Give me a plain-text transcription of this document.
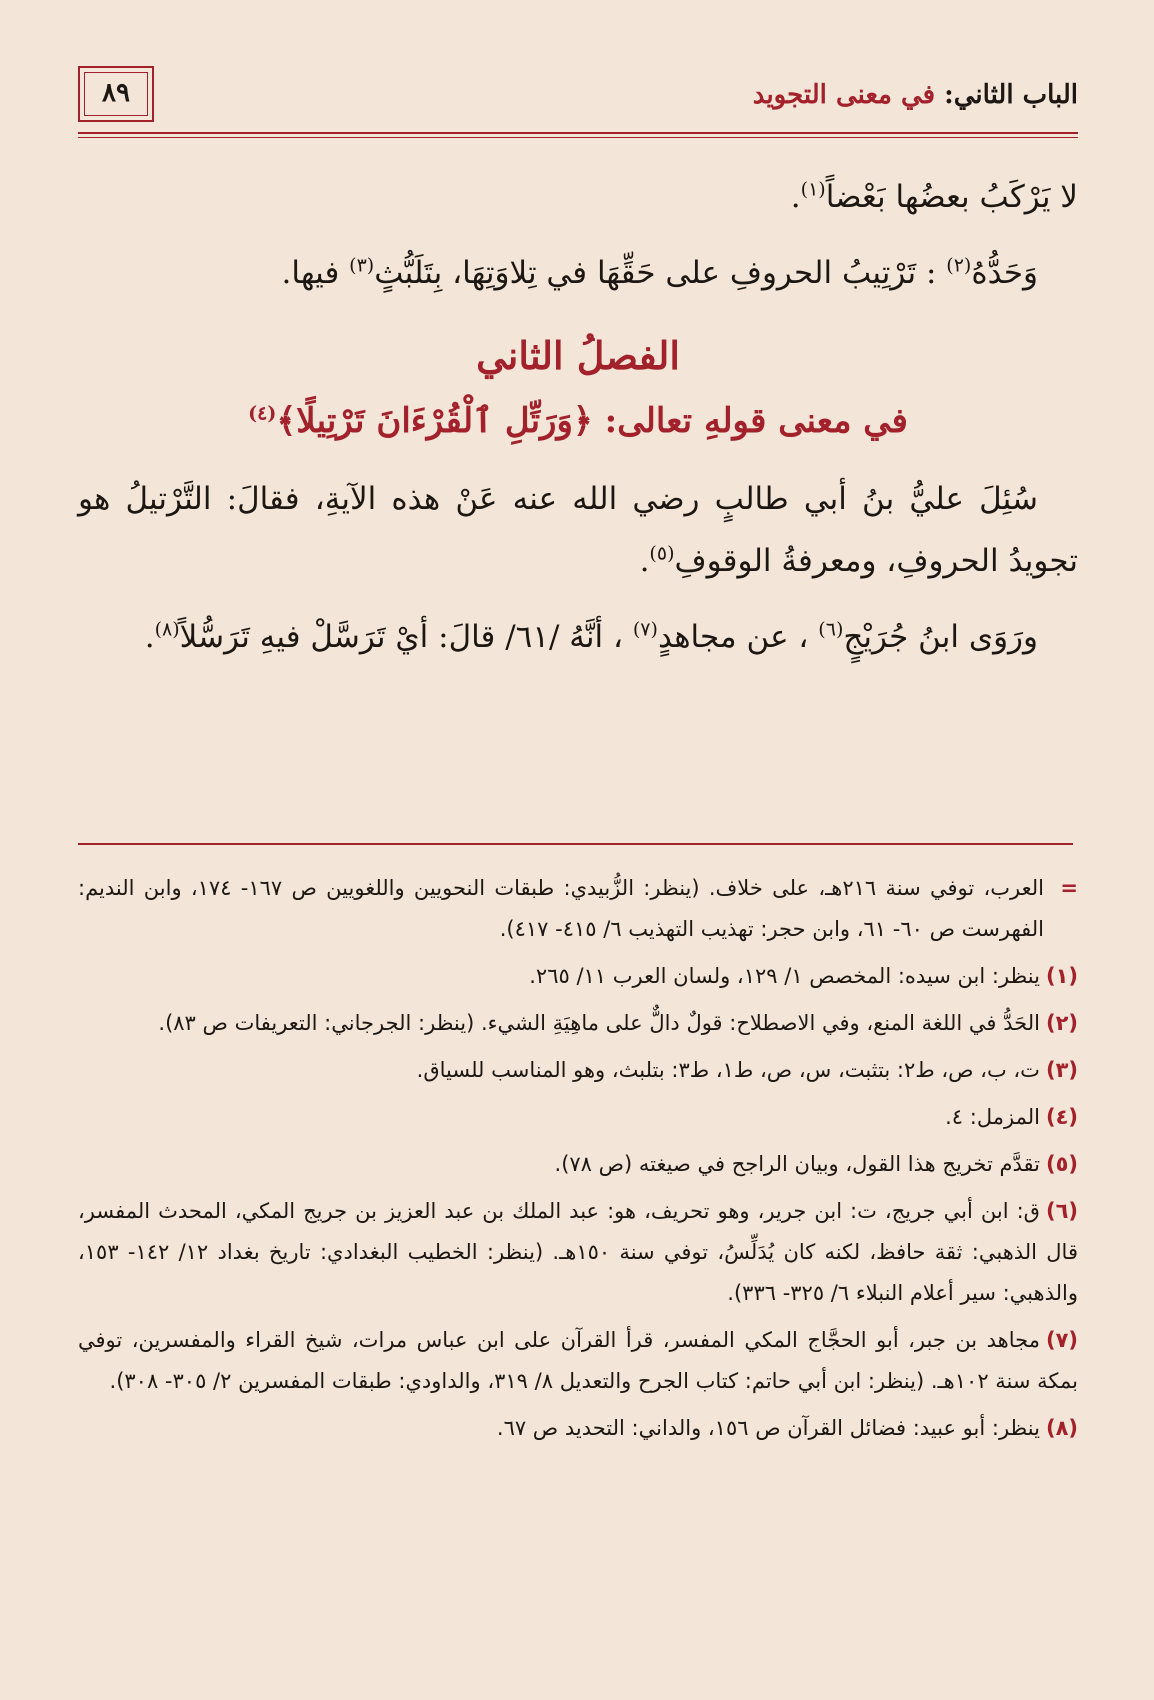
الباب الثاني: في معنى التجويد
٨٩

لا يَرْكَبُ بعضُها بَعْضاً$^{(١)}$.

وَحَدُّهُ$^{(٢)}$ : تَرْتِيبُ الحروفِ على حَقِّهَا في تِلاوَتِهَا، بِتَلَبُّثٍ$^{(٣)}$ فيها.

الفصلُ الثاني
في معنى قولهِ تعالى: ﴿وَرَتِّلِ ٱلْقُرْءَانَ تَرْتِيلًا﴾$^{(٤)}$

سُئِلَ عليُّ بنُ أبي طالبٍ رضي الله عنه عَنْ هذه الآيةِ، فقالَ: التَّرْتيلُ هو تجويدُ الحروفِ، ومعرفةُ الوقوفِ$^{(٥)}$.

ورَوَى ابنُ جُرَيْجٍ$^{(٦)}$ ، عن مجاهدٍ$^{(٧)}$ ، أنَّهُ /٦١/ قالَ: أيْ تَرَسَّلْ فيهِ تَرَسُّلاً$^{(٨)}$.

=
العرب، توفي سنة ٢١٦هـ، على خلاف. (ينظر: الزُّبيدي: طبقات النحويين واللغويين ص ١٦٧- ١٧٤، وابن النديم: الفهرست ص ٦٠- ٦١، وابن حجر: تهذيب التهذيب ٦/ ٤١٥- ٤١٧).
(١)ينظر: ابن سيده: المخصص ١/ ١٢٩، ولسان العرب ١١/ ٢٦٥.
(٢)الحَدُّ في اللغة المنع، وفي الاصطلاح: قولٌ دالٌّ على ماهِيَةِ الشيء. (ينظر: الجرجاني: التعريفات ص ٨٣).
(٣)ت، ب، ص، ط٢: بتثبت، س، ص، ط١، ط٣: بتلبث، وهو المناسب للسياق.
(٤)المزمل: ٤.
(٥)تقدَّم تخريج هذا القول، وبيان الراجح في صيغته (ص ٧٨).
(٦)ق: ابن أبي جريج، ت: ابن جرير، وهو تحريف، هو: عبد الملك بن عبد العزيز بن جريج المكي، المحدث المفسر، قال الذهبي: ثقة حافظ، لكنه كان يُدَلِّسُ، توفي سنة ١٥٠هـ. (ينظر: الخطيب البغدادي: تاريخ بغداد ١٢/ ١٤٢- ١٥٣، والذهبي: سير أعلام النبلاء ٦/ ٣٢٥- ٣٣٦).
(٧)مجاهد بن جبر، أبو الحجَّاج المكي المفسر، قرأ القرآن على ابن عباس مرات، شيخ القراء والمفسرين، توفي بمكة سنة ١٠٢هـ. (ينظر: ابن أبي حاتم: كتاب الجرح والتعديل ٨/ ٣١٩، والداودي: طبقات المفسرين ٢/ ٣٠٥- ٣٠٨).
(٨)ينظر: أبو عبيد: فضائل القرآن ص ١٥٦، والداني: التحديد ص ٦٧.
